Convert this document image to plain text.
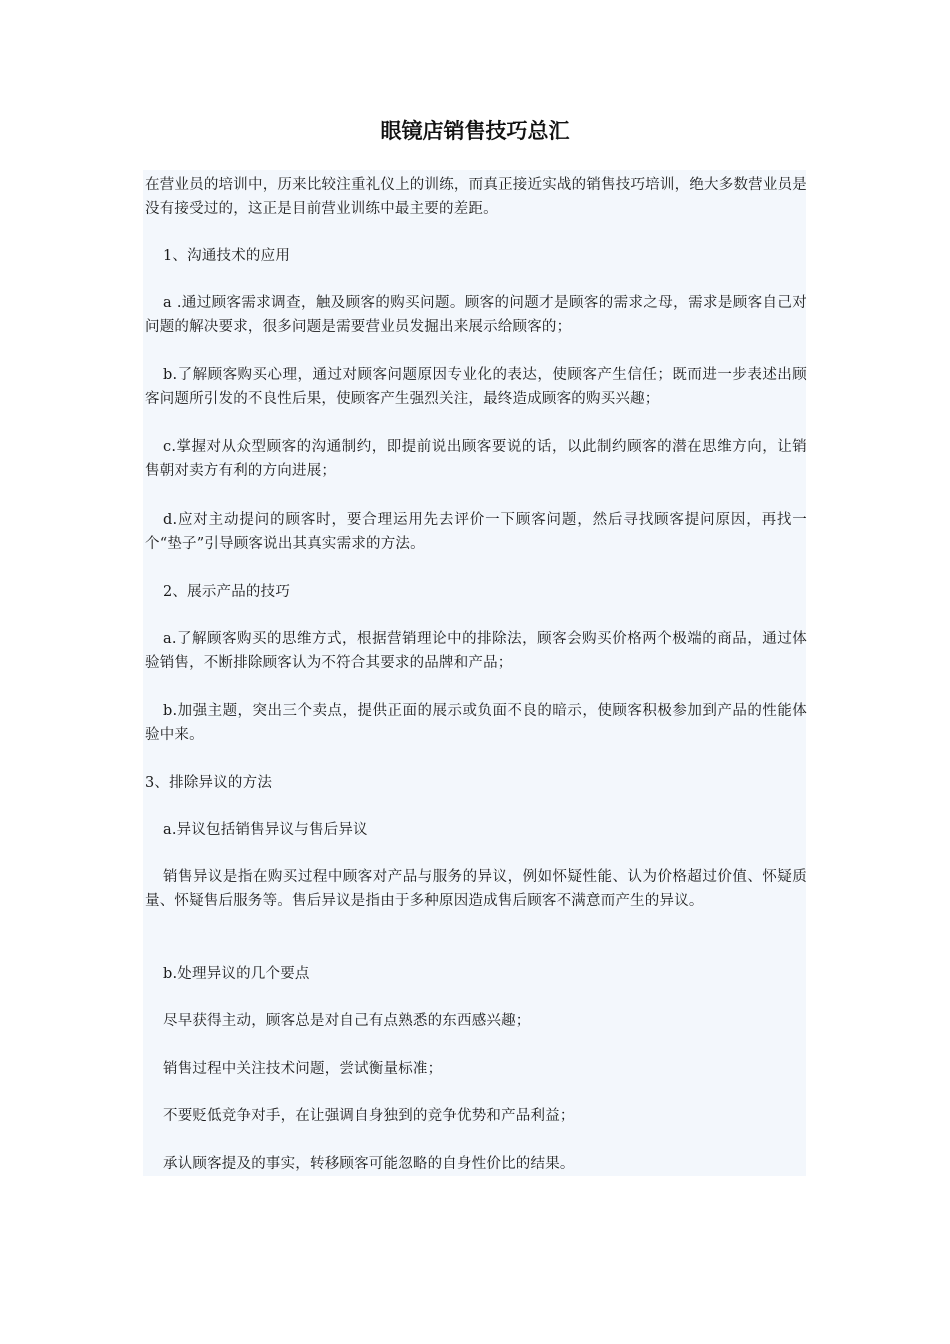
眼镜店销售技巧总汇

在营业员的培训中，历来比较注重礼仪上的训练，而真正接近实战的销售技巧培训，绝大多数营业员是没有接受过的，这正是目前营业训练中最主要的差距。

1、沟通技术的应用

a .通过顾客需求调查，触及顾客的购买问题。顾客的问题才是顾客的需求之母，需求是顾客自己对问题的解决要求，很多问题是需要营业员发掘出来展示给顾客的；

b.了解顾客购买心理，通过对顾客问题原因专业化的表达，使顾客产生信任；既而进一步表述出顾客问题所引发的不良性后果，使顾客产生强烈关注，最终造成顾客的购买兴趣；

c.掌握对从众型顾客的沟通制约，即提前说出顾客要说的话，以此制约顾客的潜在思维方向，让销售朝对卖方有利的方向进展；

d.应对主动提问的顾客时，要合理运用先去评价一下顾客问题，然后寻找顾客提问原因，再找一个“垫子”引导顾客说出其真实需求的方法。

2、展示产品的技巧

a.了解顾客购买的思维方式，根据营销理论中的排除法，顾客会购买价格两个极端的商品，通过体验销售，不断排除顾客认为不符合其要求的品牌和产品；

b.加强主题，突出三个卖点，提供正面的展示或负面不良的暗示，使顾客积极参加到产品的性能体验中来。

3、排除异议的方法

a.异议包括销售异议与售后异议

销售异议是指在购买过程中顾客对产品与服务的异议，例如怀疑性能、认为价格超过价值、怀疑质量、怀疑售后服务等。售后异议是指由于多种原因造成售后顾客不满意而产生的异议。

b.处理异议的几个要点

尽早获得主动，顾客总是对自己有点熟悉的东西感兴趣；

销售过程中关注技术问题，尝试衡量标准；

不要贬低竞争对手，在让强调自身独到的竞争优势和产品利益；

承认顾客提及的事实，转移顾客可能忽略的自身性价比的结果。
